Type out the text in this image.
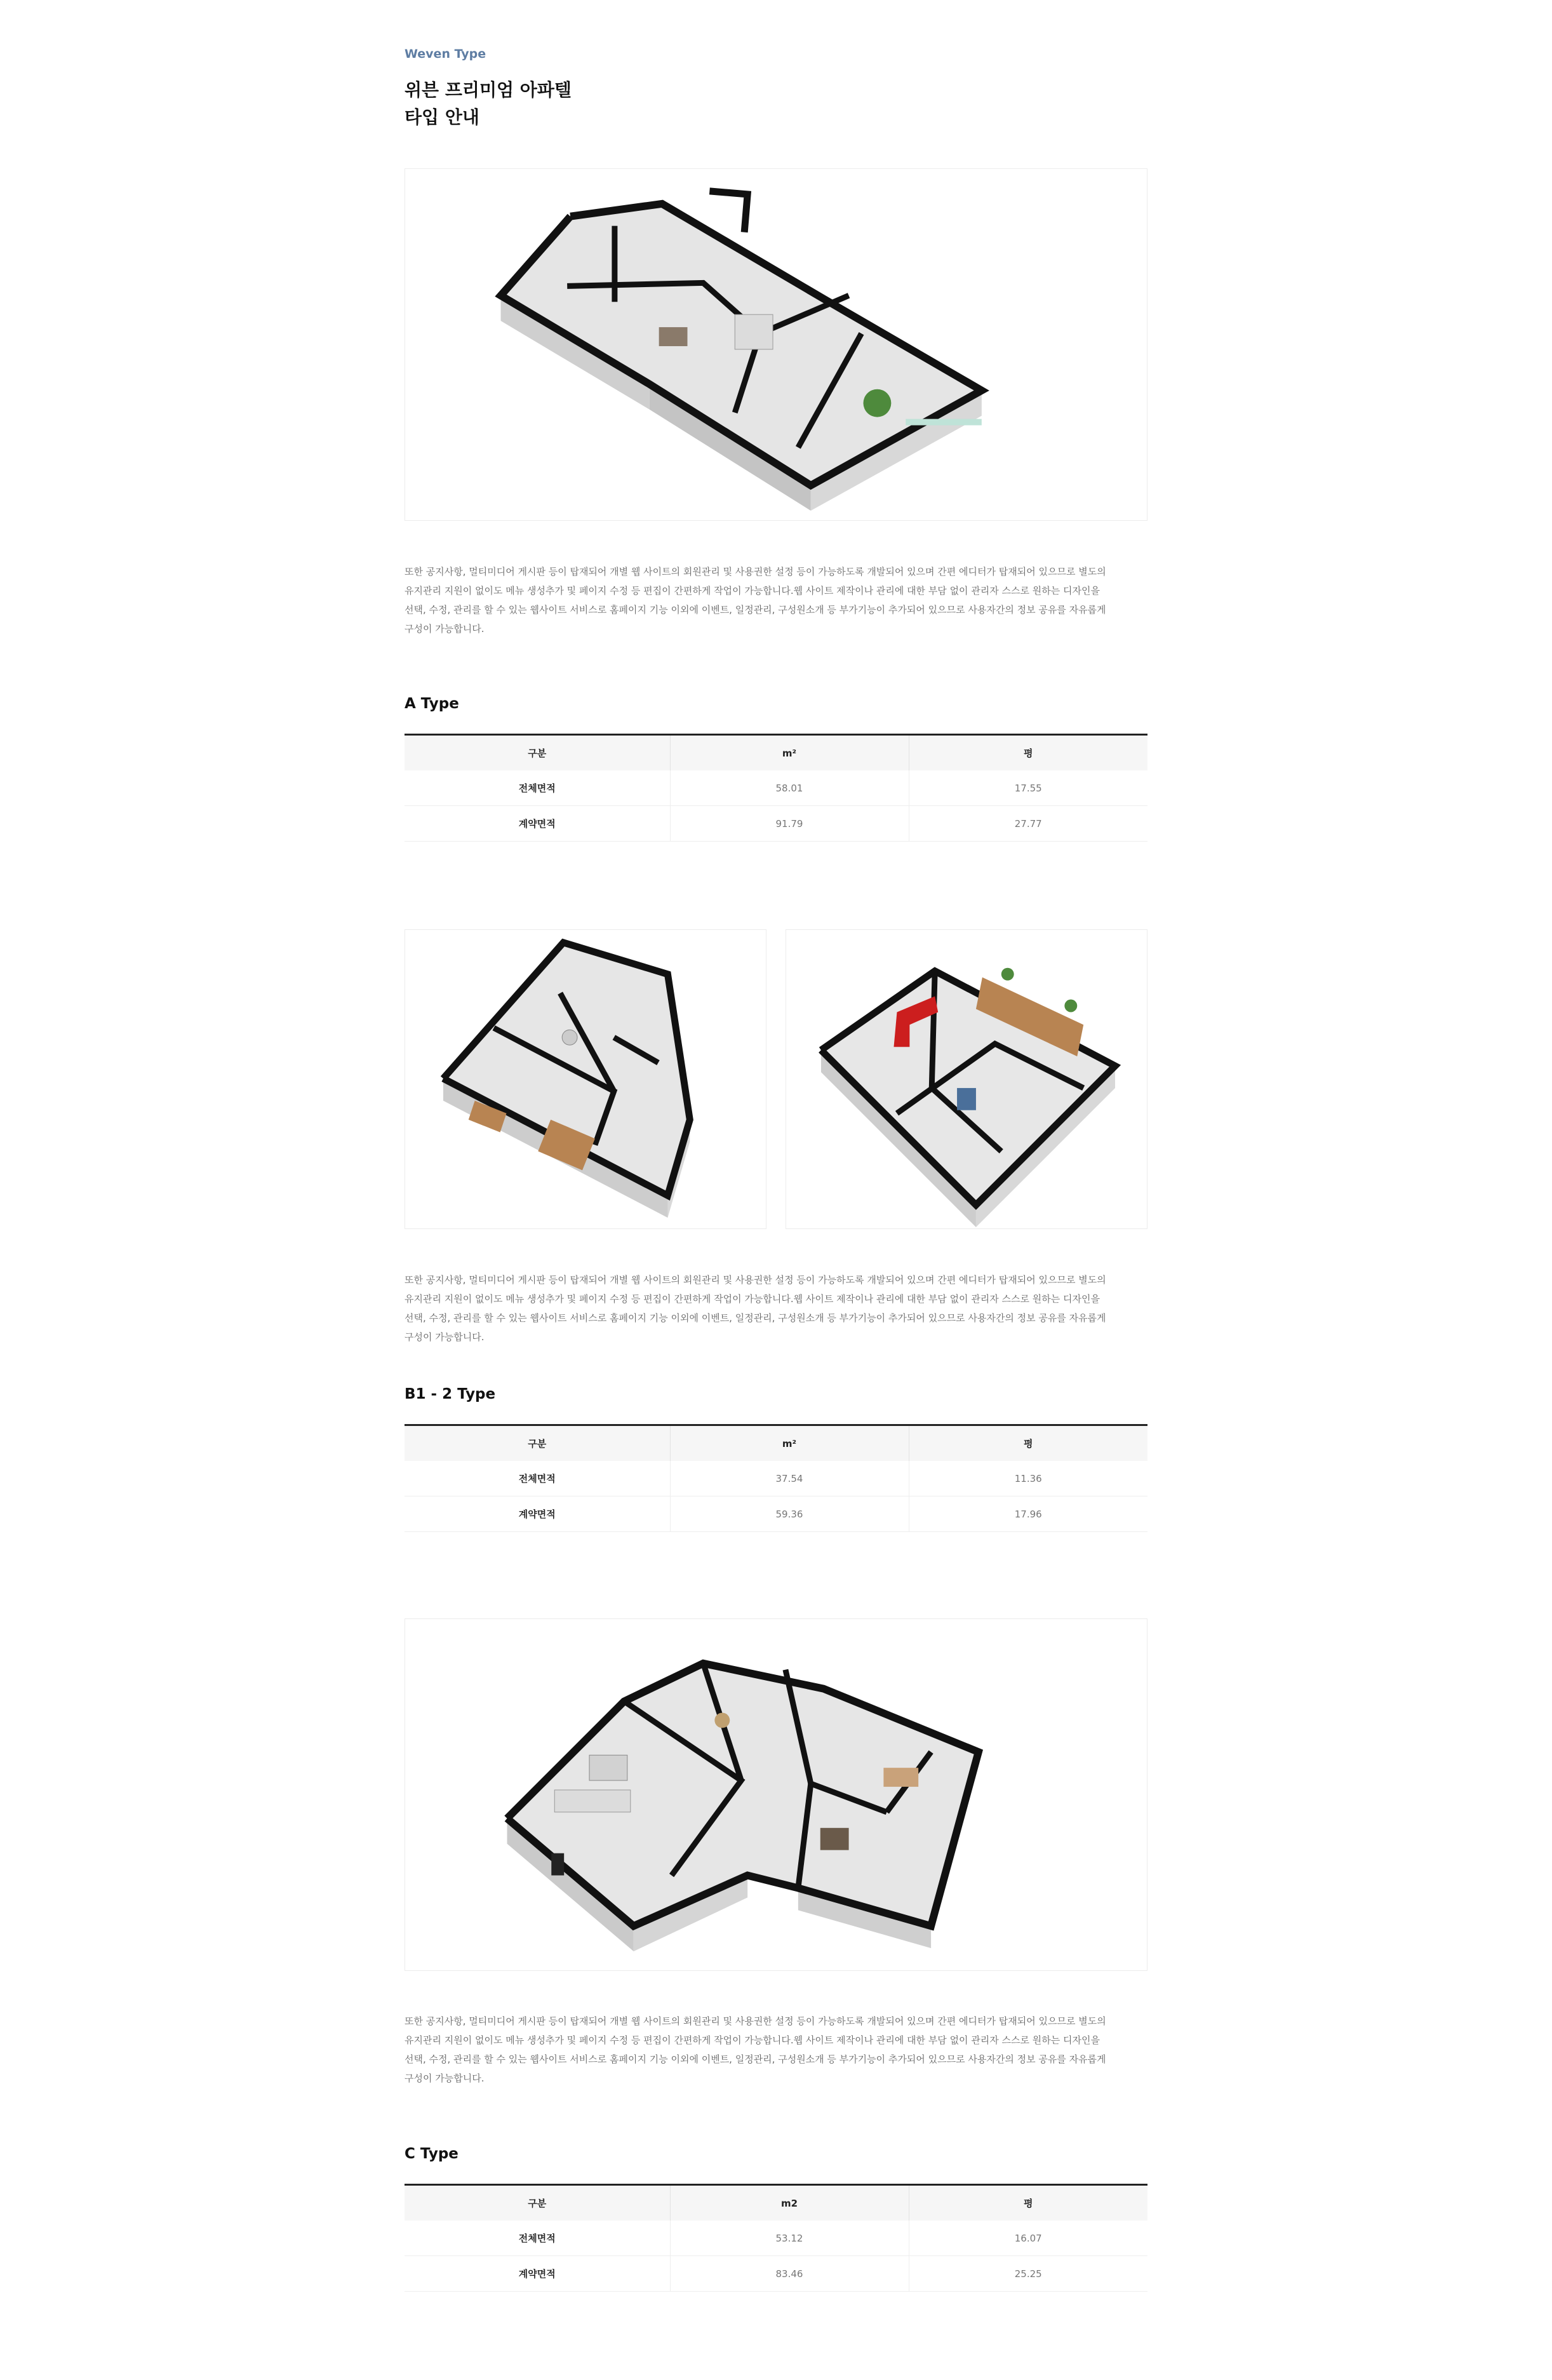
Weven Type
위븐 프리미엄 아파텔
타입 안내
또한 공지사항, 멀티미디어 게시판 등이 탑재되어 개별 웹 사이트의 회원관리 및 사용권한 설정 등이 가능하도록 개발되어 있으며 간편 에디터가 탑재되어 있으므로 별도의
유지관리 지원이 없이도 메뉴 생성추가 및 페이지 수정 등 편집이 간편하게 작업이 가능합니다.웹 사이트 제작이나 관리에 대한 부담 없이 관리자 스스로 원하는 디자인을
선택, 수정, 관리를 할 수 있는 웹사이트 서비스로 홈페이지 기능 이외에 이벤트, 일정관리, 구성원소개 등 부가기능이 추가되어 있으므로 사용자간의 정보 공유를 자유롭게
구성이 가능합니다.
A Type
구분	m²	평
전체면적	58.01	17.55
계약면적	91.79	27.77
또한 공지사항, 멀티미디어 게시판 등이 탑재되어 개별 웹 사이트의 회원관리 및 사용권한 설정 등이 가능하도록 개발되어 있으며 간편 에디터가 탑재되어 있으므로 별도의
유지관리 지원이 없이도 메뉴 생성추가 및 페이지 수정 등 편집이 간편하게 작업이 가능합니다.웹 사이트 제작이나 관리에 대한 부담 없이 관리자 스스로 원하는 디자인을
선택, 수정, 관리를 할 수 있는 웹사이트 서비스로 홈페이지 기능 이외에 이벤트, 일정관리, 구성원소개 등 부가기능이 추가되어 있으므로 사용자간의 정보 공유를 자유롭게
구성이 가능합니다.
B1 - 2 Type
구분	m²	평
전체면적	37.54	11.36
계약면적	59.36	17.96
또한 공지사항, 멀티미디어 게시판 등이 탑재되어 개별 웹 사이트의 회원관리 및 사용권한 설정 등이 가능하도록 개발되어 있으며 간편 에디터가 탑재되어 있으므로 별도의
유지관리 지원이 없이도 메뉴 생성추가 및 페이지 수정 등 편집이 간편하게 작업이 가능합니다.웹 사이트 제작이나 관리에 대한 부담 없이 관리자 스스로 원하는 디자인을
선택, 수정, 관리를 할 수 있는 웹사이트 서비스로 홈페이지 기능 이외에 이벤트, 일정관리, 구성원소개 등 부가기능이 추가되어 있으므로 사용자간의 정보 공유를 자유롭게
구성이 가능합니다.
C Type
구분	m2	평
전체면적	53.12	16.07
계약면적	83.46	25.25
